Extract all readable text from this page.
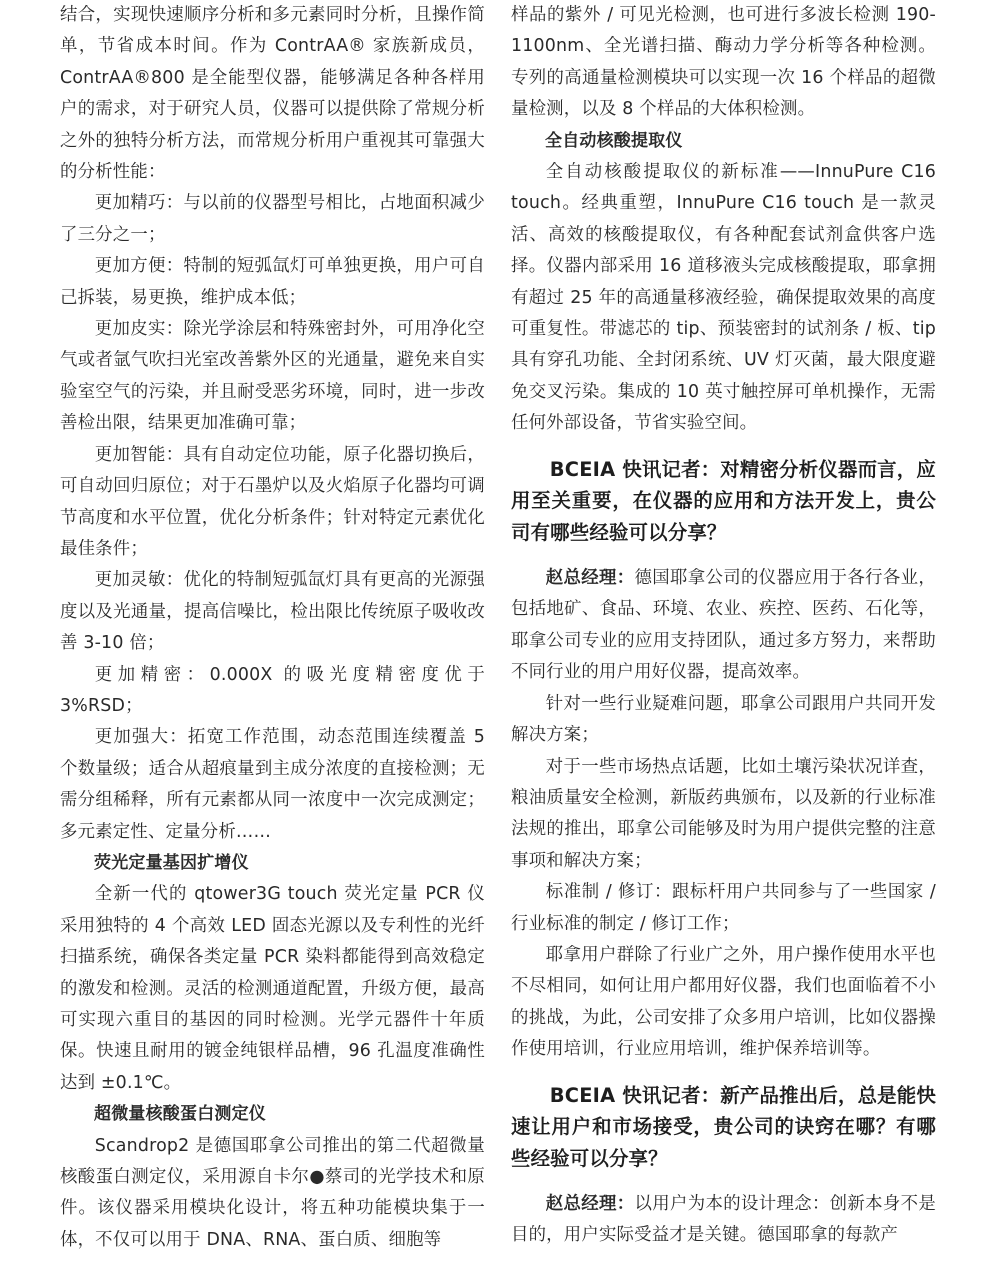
结合，实现快速顺序分析和多元素同时分析，且操作简单，节省成本时间。作为 ContrAA® 家族新成员，ContrAA®800 是全能型仪器，能够满足各种各样用户的需求，对于研究人员，仪器可以提供除了常规分析之外的独特分析方法，而常规分析用户重视其可靠强大的分析性能：

更加精巧：与以前的仪器型号相比，占地面积减少了三分之一；

更加方便：特制的短弧氙灯可单独更换，用户可自己拆装，易更换，维护成本低；

更加皮实：除光学涂层和特殊密封外，可用净化空气或者氩气吹扫光室改善紫外区的光通量，避免来自实验室空气的污染，并且耐受恶劣环境，同时，进一步改善检出限，结果更加准确可靠；

更加智能：具有自动定位功能，原子化器切换后，可自动回归原位；对于石墨炉以及火焰原子化器均可调节高度和水平位置，优化分析条件；针对特定元素优化最佳条件；

更加灵敏：优化的特制短弧氙灯具有更高的光源强度以及光通量，提高信噪比，检出限比传统原子吸收改善 3-10 倍；

更加精密：0.000X 的吸光度精密度优于 3%RSD；

更加强大：拓宽工作范围，动态范围连续覆盖 5 个数量级；适合从超痕量到主成分浓度的直接检测；无需分组稀释，所有元素都从同一浓度中一次完成测定；多元素定性、定量分析……

荧光定量基因扩增仪

全新一代的 qtower3G touch 荧光定量 PCR 仪采用独特的 4 个高效 LED 固态光源以及专利性的光纤扫描系统，确保各类定量 PCR 染料都能得到高效稳定的激发和检测。灵活的检测通道配置，升级方便，最高可实现六重目的基因的同时检测。光学元器件十年质保。快速且耐用的镀金纯银样品槽，96 孔温度准确性达到 ±0.1℃。

超微量核酸蛋白测定仪

Scandrop2 是德国耶拿公司推出的第二代超微量核酸蛋白测定仪，采用源自卡尔●蔡司的光学技术和原件。该仪器采用模块化设计，将五种功能模块集于一体，不仅可以用于 DNA、RNA、蛋白质、细胞等

样品的紫外 / 可见光检测，也可进行多波长检测 190-1100nm、全光谱扫描、酶动力学分析等各种检测。专列的高通量检测模块可以实现一次 16 个样品的超微量检测，以及 8 个样品的大体积检测。

全自动核酸提取仪

全自动核酸提取仪的新标准——InnuPure C16 touch。经典重塑，InnuPure C16 touch 是一款灵活、高效的核酸提取仪，有各种配套试剂盒供客户选择。仪器内部采用 16 道移液头完成核酸提取，耶拿拥有超过 25 年的高通量移液经验，确保提取效果的高度可重复性。带滤芯的 tip、预装密封的试剂条 / 板、tip 具有穿孔功能、全封闭系统、UV 灯灭菌，最大限度避免交叉污染。集成的 10 英寸触控屏可单机操作，无需任何外部设备，节省实验空间。

BCEIA 快讯记者：对精密分析仪器而言，应用至关重要，在仪器的应用和方法开发上，贵公司有哪些经验可以分享？

赵总经理：德国耶拿公司的仪器应用于各行各业，包括地矿、食品、环境、农业、疾控、医药、石化等，耶拿公司专业的应用支持团队，通过多方努力，来帮助不同行业的用户用好仪器，提高效率。

针对一些行业疑难问题，耶拿公司跟用户共同开发解决方案；

对于一些市场热点话题，比如土壤污染状况详查，粮油质量安全检测，新版药典颁布，以及新的行业标准法规的推出，耶拿公司能够及时为用户提供完整的注意事项和解决方案；

标准制 / 修订：跟标杆用户共同参与了一些国家 / 行业标准的制定 / 修订工作；

耶拿用户群除了行业广之外，用户操作使用水平也不尽相同，如何让用户都用好仪器，我们也面临着不小的挑战，为此，公司安排了众多用户培训，比如仪器操作使用培训，行业应用培训，维护保养培训等。

BCEIA 快讯记者：新产品推出后，总是能快速让用户和市场接受，贵公司的诀窍在哪？有哪些经验可以分享？

赵总经理：以用户为本的设计理念：创新本身不是目的，用户实际受益才是关键。德国耶拿的每款产
